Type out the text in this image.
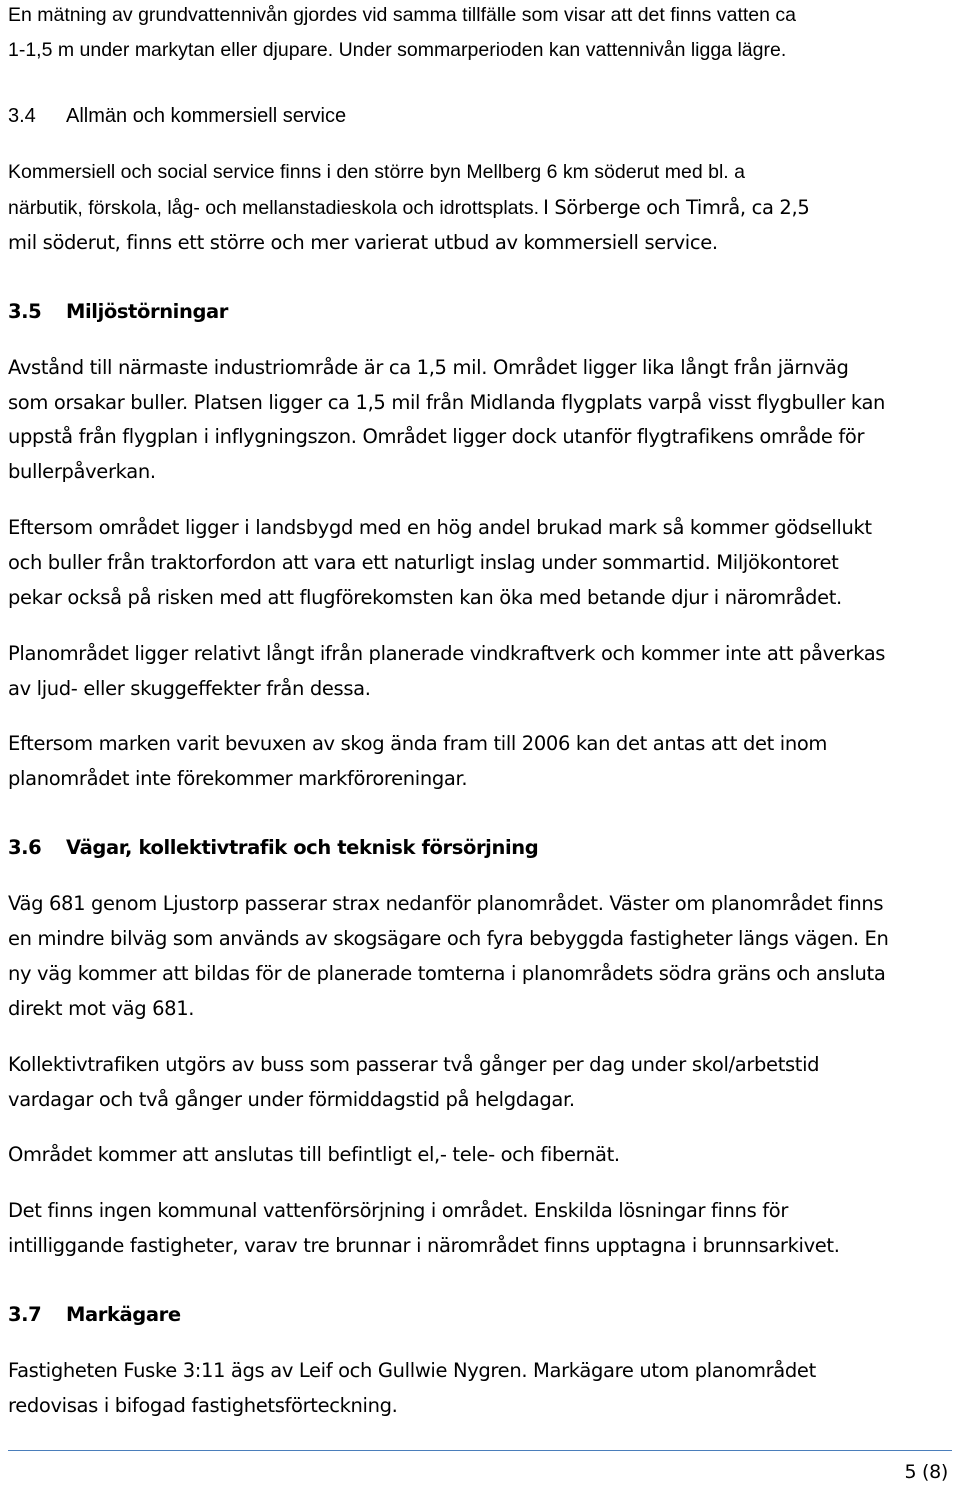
En mätning av grundvattennivån gjordes vid samma tillfälle som visar att det finns vatten ca
1-1,5 m under markytan eller djupare. Under sommarperioden kan vattennivån ligga lägre.
3.4 Allmän och kommersiell service
Kommersiell och social service finns i den större byn Mellberg 6 km söderut med bl. a
närbutik, förskola, låg- och mellanstadieskola och idrottsplats. I Sörberge och Timrå, ca 2,5
mil söderut, finns ett större och mer varierat utbud av kommersiell service.
3.5 Miljöstörningar
Avstånd till närmaste industriområde är ca 1,5 mil. Området ligger lika långt från järnväg
som orsakar buller. Platsen ligger ca 1,5 mil från Midlanda flygplats varpå visst flygbuller kan
uppstå från flygplan i inflygningszon. Området ligger dock utanför flygtrafikens område för
bullerpåverkan.
Eftersom området ligger i landsbygd med en hög andel brukad mark så kommer gödsellukt
och buller från traktorfordon att vara ett naturligt inslag under sommartid. Miljökontoret
pekar också på risken med att flugförekomsten kan öka med betande djur i närområdet.
Planområdet ligger relativt långt ifrån planerade vindkraftverk och kommer inte att påverkas
av ljud- eller skuggeffekter från dessa.
Eftersom marken varit bevuxen av skog ända fram till 2006 kan det antas att det inom
planområdet inte förekommer markföroreningar.
3.6 Vägar, kollektivtrafik och teknisk försörjning
Väg 681 genom Ljustorp passerar strax nedanför planområdet. Väster om planområdet finns
en mindre bilväg som används av skogsägare och fyra bebyggda fastigheter längs vägen. En
ny väg kommer att bildas för de planerade tomterna i planområdets södra gräns och ansluta
direkt mot väg 681.
Kollektivtrafiken utgörs av buss som passerar två gånger per dag under skol/arbetstid
vardagar och två gånger under förmiddagstid på helgdagar.
Området kommer att anslutas till befintligt el,- tele- och fibernät.
Det finns ingen kommunal vattenförsörjning i området. Enskilda lösningar finns för
intilliggande fastigheter, varav tre brunnar i närområdet finns upptagna i brunnsarkivet.
3.7 Markägare
Fastigheten Fuske 3:11 ägs av Leif och Gullwie Nygren. Markägare utom planområdet
redovisas i bifogad fastighetsförteckning.
5 (8)
